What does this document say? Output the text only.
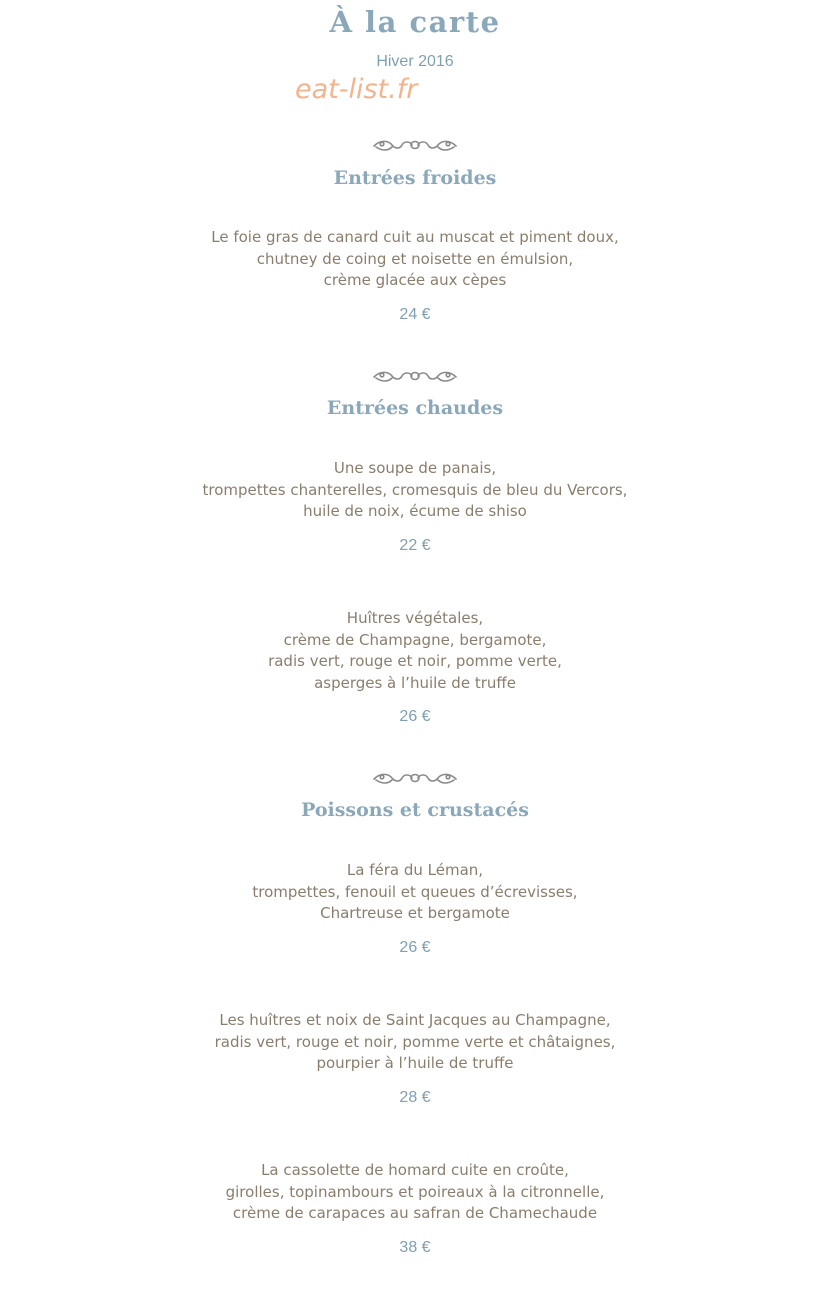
À la carte
Hiver 2016
eat-list.fr
Entrées froides
Le foie gras de canard cuit au muscat et piment doux,
chutney de coing et noisette en émulsion,
crème glacée aux cèpes
24 €
Entrées chaudes
Une soupe de panais,
trompettes chanterelles, cromesquis de bleu du Vercors,
huile de noix, écume de shiso
22 €
Huîtres végétales,
crème de Champagne, bergamote,
radis vert, rouge et noir, pomme verte,
asperges à l’huile de truffe
26 €
Poissons et crustacés
La féra du Léman,
trompettes, fenouil et queues d’écrevisses,
Chartreuse et bergamote
26 €
Les huîtres et noix de Saint Jacques au Champagne,
radis vert, rouge et noir, pomme verte et châtaignes,
pourpier à l’huile de truffe
28 €
La cassolette de homard cuite en croûte,
girolles, topinambours et poireaux à la citronnelle,
crème de carapaces au safran de Chamechaude
38 €
